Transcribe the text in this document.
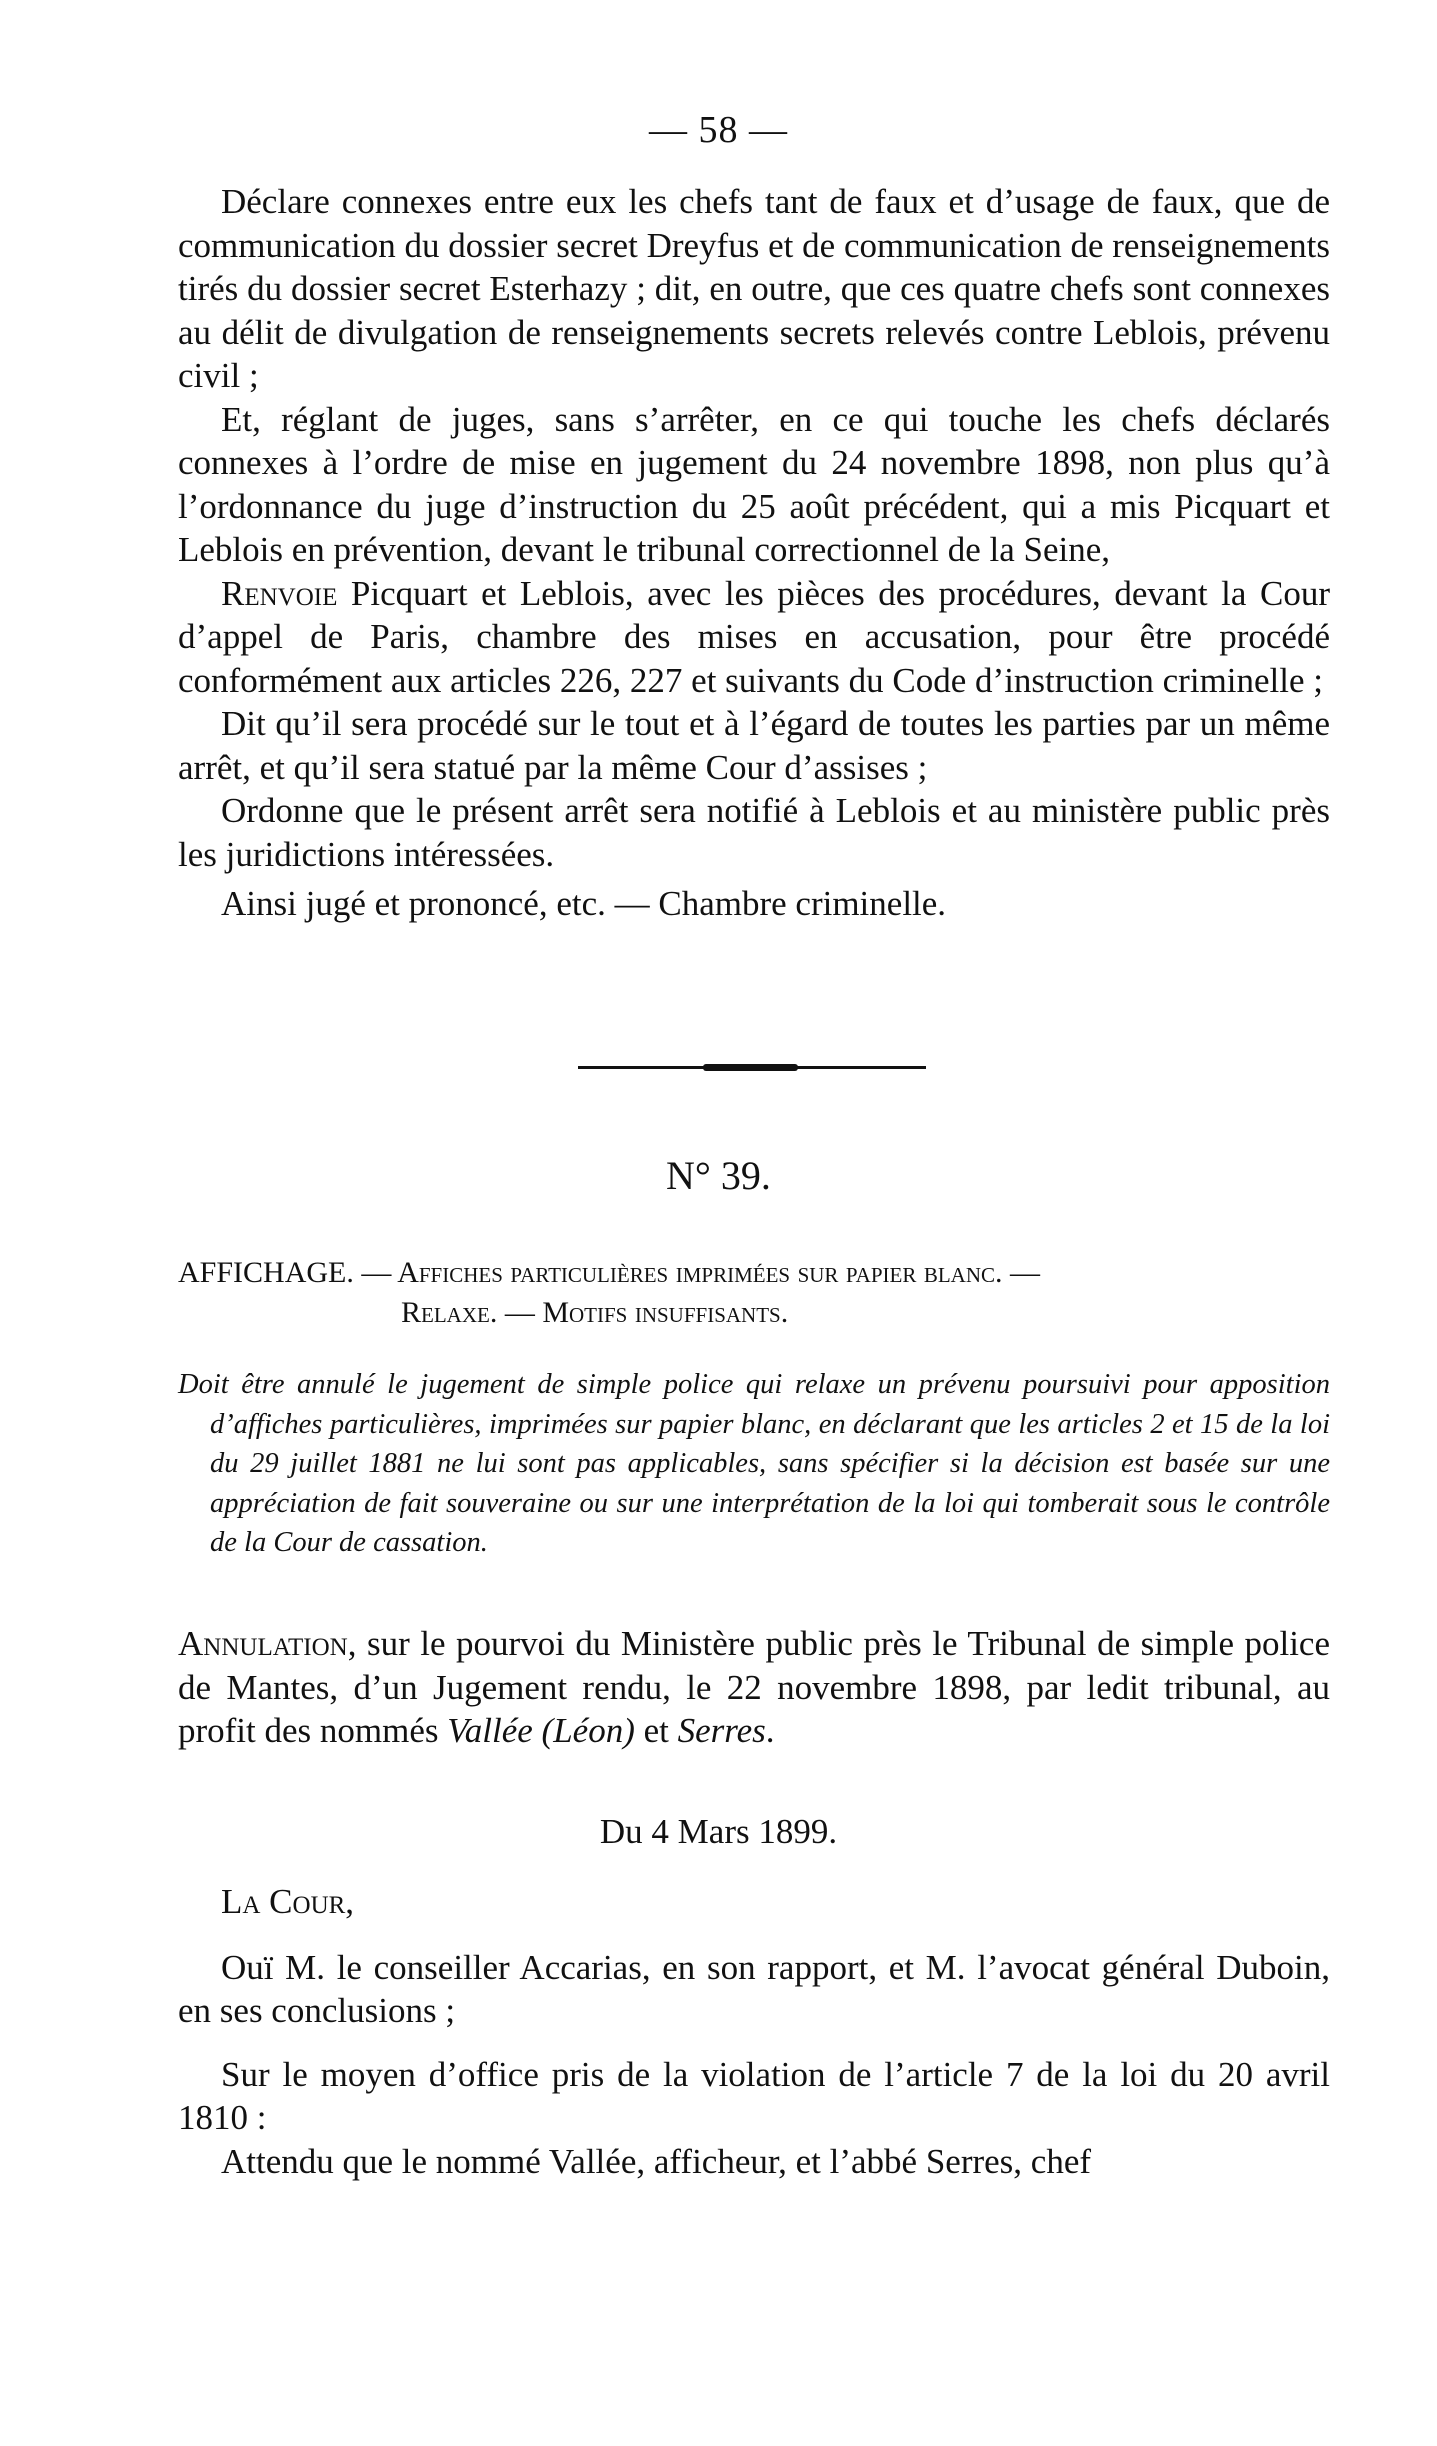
— 58 —

Déclare connexes entre eux les chefs tant de faux et d’usage de faux, que de communication du dossier secret Dreyfus et de communication de renseignements tirés du dossier secret Esterhazy ; dit, en outre, que ces quatre chefs sont connexes au délit de divulgation de renseignements secrets relevés contre Leblois, prévenu civil ;

Et, réglant de juges, sans s’arrêter, en ce qui touche les chefs déclarés connexes à l’ordre de mise en jugement du 24 novembre 1898, non plus qu’à l’ordonnance du juge d’instruction du 25 août précédent, qui a mis Picquart et Leblois en prévention, devant le tribunal correctionnel de la Seine,

Renvoie Picquart et Leblois, avec les pièces des procédures, devant la Cour d’appel de Paris, chambre des mises en accusation, pour être procédé conformément aux articles 226, 227 et suivants du Code d’instruction criminelle ;

Dit qu’il sera procédé sur le tout et à l’égard de toutes les parties par un même arrêt, et qu’il sera statué par la même Cour d’assises ;

Ordonne que le présent arrêt sera notifié à Leblois et au ministère public près les juridictions intéressées.

Ainsi jugé et prononcé, etc. — Chambre criminelle.

N° 39.
AFFICHAGE. — Affiches particulières imprimées sur papier blanc. —
Relaxe. — Motifs insuffisants.

Doit être annulé le jugement de simple police qui relaxe un prévenu poursuivi pour apposition d’affiches particulières, imprimées sur papier blanc, en déclarant que les articles 2 et 15 de la loi du 29 juillet 1881 ne lui sont pas applicables, sans spécifier si la décision est basée sur une appréciation de fait souveraine ou sur une interprétation de la loi qui tomberait sous le contrôle de la Cour de cassation.

Annulation, sur le pourvoi du Ministère public près le Tribunal de simple police de Mantes, d’un Jugement rendu, le 22 novembre 1898, par ledit tribunal, au profit des nommés Vallée (Léon) et Serres.

Du 4 Mars 1899.

La Cour,

Ouï M. le conseiller Accarias, en son rapport, et M. l’avocat général Duboin, en ses conclusions ;

Sur le moyen d’office pris de la violation de l’article 7 de la loi du 20 avril 1810 :

Attendu que le nommé Vallée, afficheur, et l’abbé Serres, chef
